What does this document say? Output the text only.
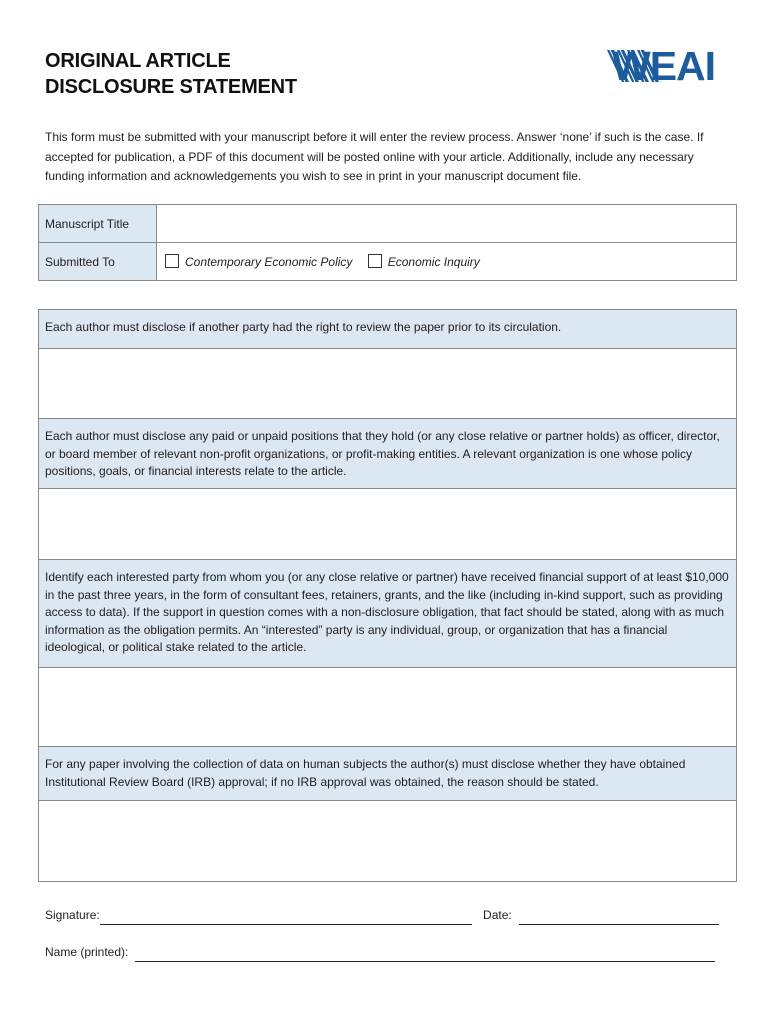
ORIGINAL ARTICLE
DISCLOSURE STATEMENT	WEAI

This form must be submitted with your manuscript before it will enter the review process. Answer ‘none’ if such is the case. If accepted for publication, a PDF of this document will be posted online with your article. Additionally, include any necessary funding information and acknowledgements you wish to see in print in your manuscript document file.

Manuscript Title	
Submitted To	Contemporary Economic Policy Economic Inquiry
Each author must disclose if another party had the right to review the paper prior to its circulation.
Each author must disclose any paid or unpaid positions that they hold (or any close relative or partner holds) as officer, director, or board member of relevant non-profit organizations, or profit-making entities. A relevant organization is one whose policy positions, goals, or financial interests relate to the article.
Identify each interested party from whom you (or any close relative or partner) have received financial support of at least $10,000 in the past three years, in the form of consultant fees, retainers, grants, and the like (including in-kind support, such as providing access to data). If the support in question comes with a non-disclosure obligation, that fact should be stated, along with as much information as the obligation permits. An “interested” party is any individual, group, or organization that has a financial ideological, or political stake related to the article.
For any paper involving the collection of data on human subjects the author(s) must disclose whether they have obtained Institutional Review Board (IRB) approval; if no IRB approval was obtained, the reason should be stated.
Signature:	Date:
Name (printed):
